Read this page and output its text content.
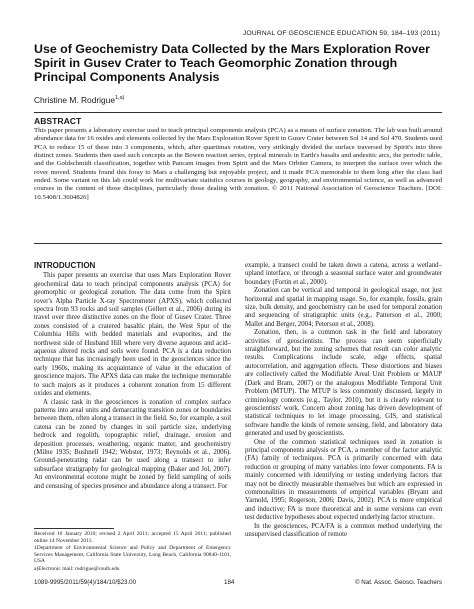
JOURNAL OF GEOSCIENCE EDUCATION 59, 184–193 (2011)
Use of Geochemistry Data Collected by the Mars Exploration Rover Spirit in Gusev Crater to Teach Geomorphic Zonation through Principal Components Analysis
Christine M. Rodrigue$^{1,a)}$
ABSTRACT

This paper presents a laboratory exercise used to teach principal components analysis (PCA) as a means of surface zonation. The lab was built around abundance data for 16 oxides and elements collected by the Mars Exploration Rover Spirit in Gusev Crater between Sol 14 and Sol 470. Students used PCA to reduce 15 of these into 3 components, which, after quartimax rotation, very strikingly divided the surface traversed by Spirit's into three distinct zones. Students then used such concepts as the Bowen reaction series, typical minerals in Earth's basalts and andesitic arcs, the periodic table, and the Goldschmidt classification, together with Pancam images from Spirit and the Mars Orbiter Camera, to interpret the surface over which the rover moved. Students found this foray to Mars a challenging but enjoyable project, and it made PCA memorable to them long after the class had ended. Some variant on this lab could work for multivariate statistics courses in geology, geography, and environmental science, as well as advanced courses in the content of those disciplines, particularly those dealing with zonation. © 2011 National Association of Geoscience Teachers. [DOI: 10.5408/1.3604826]

INTRODUCTION

This paper presents an exercise that uses Mars Exploration Rover geochemical data to teach principal components analysis (PCA) for geomorphic or geological zonation. The data come from the Spirit rover's Alpha Particle X-ray Spectrometer (APXS), which collected spectra from 93 rocks and soil samples (Gellert et al., 2006) during its travel over three distinctive zones on the floor of Gusev Crater. Three zones consisted of a cratered basaltic plain, the West Spur of the Columbia Hills with bedded materials and evaporites, and the northwest side of Husband Hill where very diverse aqueous and acid–aqueous altered rocks and soils were found. PCA is a data reduction technique that has increasingly been used in the geosciences since the early 1960s, making its acquaintance of value in the education of geoscience majors. The APXS data can make the technique memorable to such majors as it produces a coherent zonation from 15 different oxides and elements.

A classic task in the geosciences is zonation of complex surface patterns into areal units and demarcating transition zones or boundaries between them, often along a transect in the field. So, for example, a soil catena can be zoned by changes in soil particle size, underlying bedrock and regolith, topographic relief, drainage, erosion and deposition processes, weathering, organic matter, and geochemistry (Milne 1935; Bushnell 1942; Webster, 1973; Reynolds et al., 2006). Ground-penetrating radar can be used along a transect to infer subsurface stratigraphy for geological mapping (Baker and Jol, 2007). An environmental ecotone might be zoned by field sampling of soils and censusing of species presence and abundance along a transect. For

example, a transect could be taken down a catena, across a wetland–upland interface, or through a seasonal surface water and groundwater boundary (Fortin et al., 2000).

Zonation can be vertical and temporal in geological usage, not just horizontal and spatial in mapping usage. So, for example, fossils, grain size, bulk density, and geochemistry can be used for temporal zonation and sequencing of stratigraphic units (e.g., Patterson et al., 2000; Mallet and Berger, 2004; Peterson et al., 2008).

Zonation, then, is a common task in the field and laboratory activities of geoscientists. The process can seem superficially straightforward, but the zoning schemes that result can color analytic results. Complications include scale, edge effects, spatial autocorrelation, and aggregation effects. These distortions and biases are collectively called the Modifiable Areal Unit Problem or MAUP (Dark and Bram, 2007) or the analogous Modifiable Temporal Unit Problem (MTUP). The MTUP is less commonly discussed, largely in criminology contexts (e.g., Taylor, 2010), but it is clearly relevant to geoscientists' work. Concern about zoning has driven development of statistical techniques to let image processing, GIS, and statistical software handle the kinds of remote sensing, field, and laboratory data generated and used by geoscientists.

One of the common statistical techniques used in zonation is principal components analysis or PCA, a member of the factor analytic (FA) family of techniques. PCA is primarily concerned with data reduction or grouping of many variables into fewer components. FA is mainly concerned with identifying or testing underlying factors that may not be directly measurable themselves but which are expressed in commonalities in measurements of empirical variables (Bryant and Yarnold, 1995; Rogerson, 2006; Davis, 2002). PCA is more empirical and inductive; FA is more theoretical and in some versions can even test deductive hypotheses about expected underlying factor structure.

In the geosciences, PCA/FA is a common method underlying the unsupervised classification of remote

Received 10 January 2010; revised 2 April 2011; accepted 15 April 2011; published online 14 November 2011.
1Department of Environmental Science and Policy and Department of Emergency Services Management, California State University, Long Beach, California 90840-1101, USA
a)Electronic mail: rodrigue@csulb.edu
1089-9995/2011/59(4)/184/10/$23.00	184	© Nat. Assoc. Geosci. Teachers
